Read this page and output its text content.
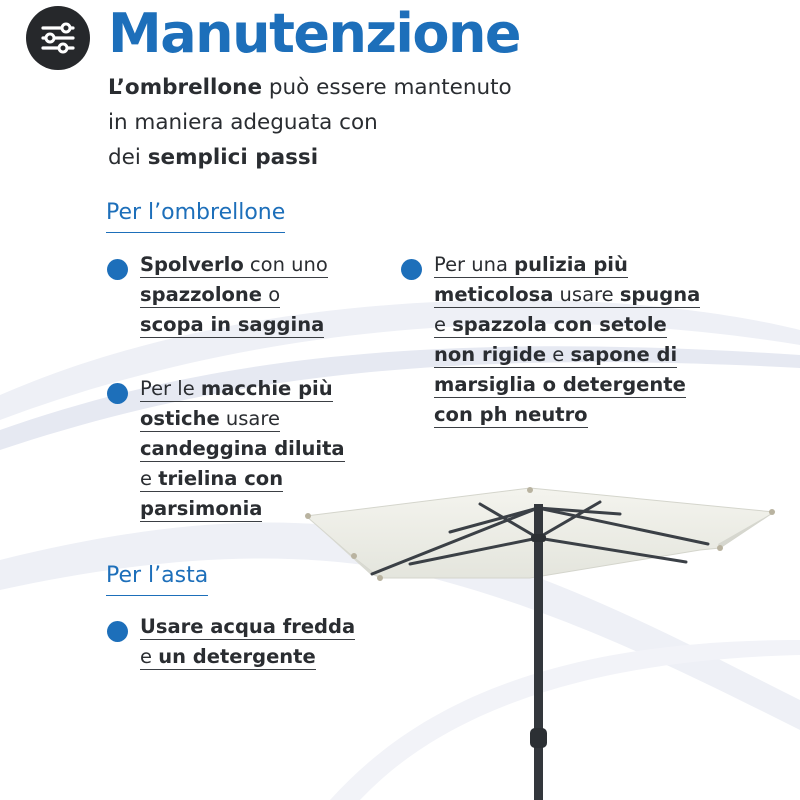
Manutenzione
L’ombrellone può essere mantenuto
in maniera adeguata con
dei semplici passi
Per l’ombrellone
Spolverlo con uno
spazzolone o
scopa in saggina
Per le macchie più
ostiche usare
candeggina diluita
e trielina con
parsimonia
Per una pulizia più
meticolosa usare spugna
e spazzola con setole
non rigide e sapone di
marsiglia o detergente
con ph neutro
Per l’asta
Usare acqua fredda
e un detergente
